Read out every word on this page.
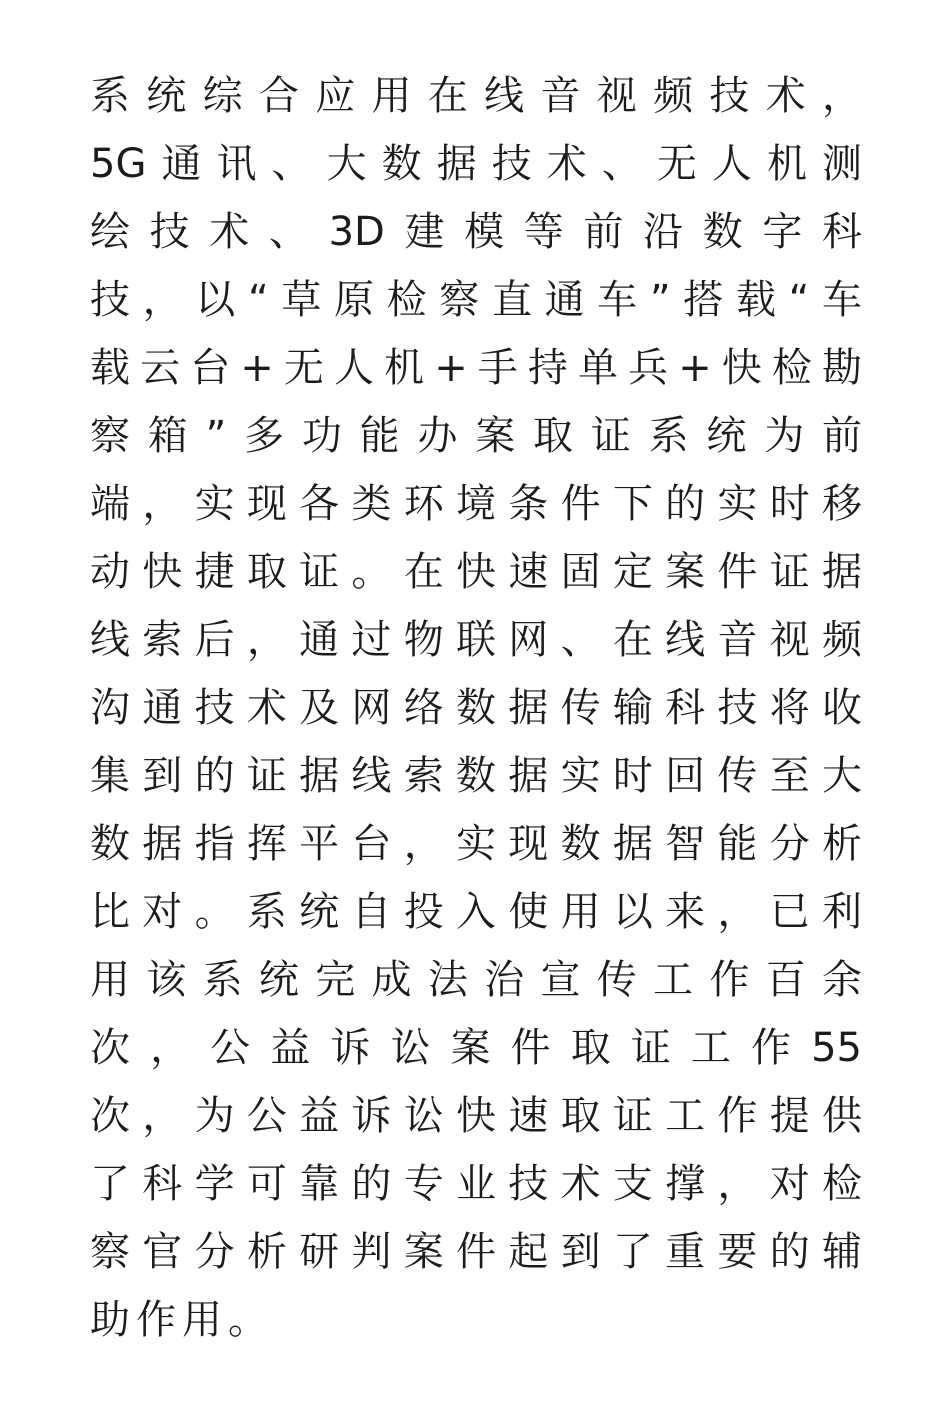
系统综合应用在线音视频技术，
5G通讯、大数据技术、无人机测
绘技术、3D建模等前沿数字科
技，以“草原检察直通车”搭载“车
载云台+无人机+手持单兵+快检勘
察箱”多功能办案取证系统为前
端，实现各类环境条件下的实时移
动快捷取证。在快速固定案件证据
线索后，通过物联网、在线音视频
沟通技术及网络数据传输科技将收
集到的证据线索数据实时回传至大
数据指挥平台，实现数据智能分析
比对。系统自投入使用以来，已利
用该系统完成法治宣传工作百余
次，公益诉讼案件取证工作55
次，为公益诉讼快速取证工作提供
了科学可靠的专业技术支撑，对检
察官分析研判案件起到了重要的辅
助作用。
